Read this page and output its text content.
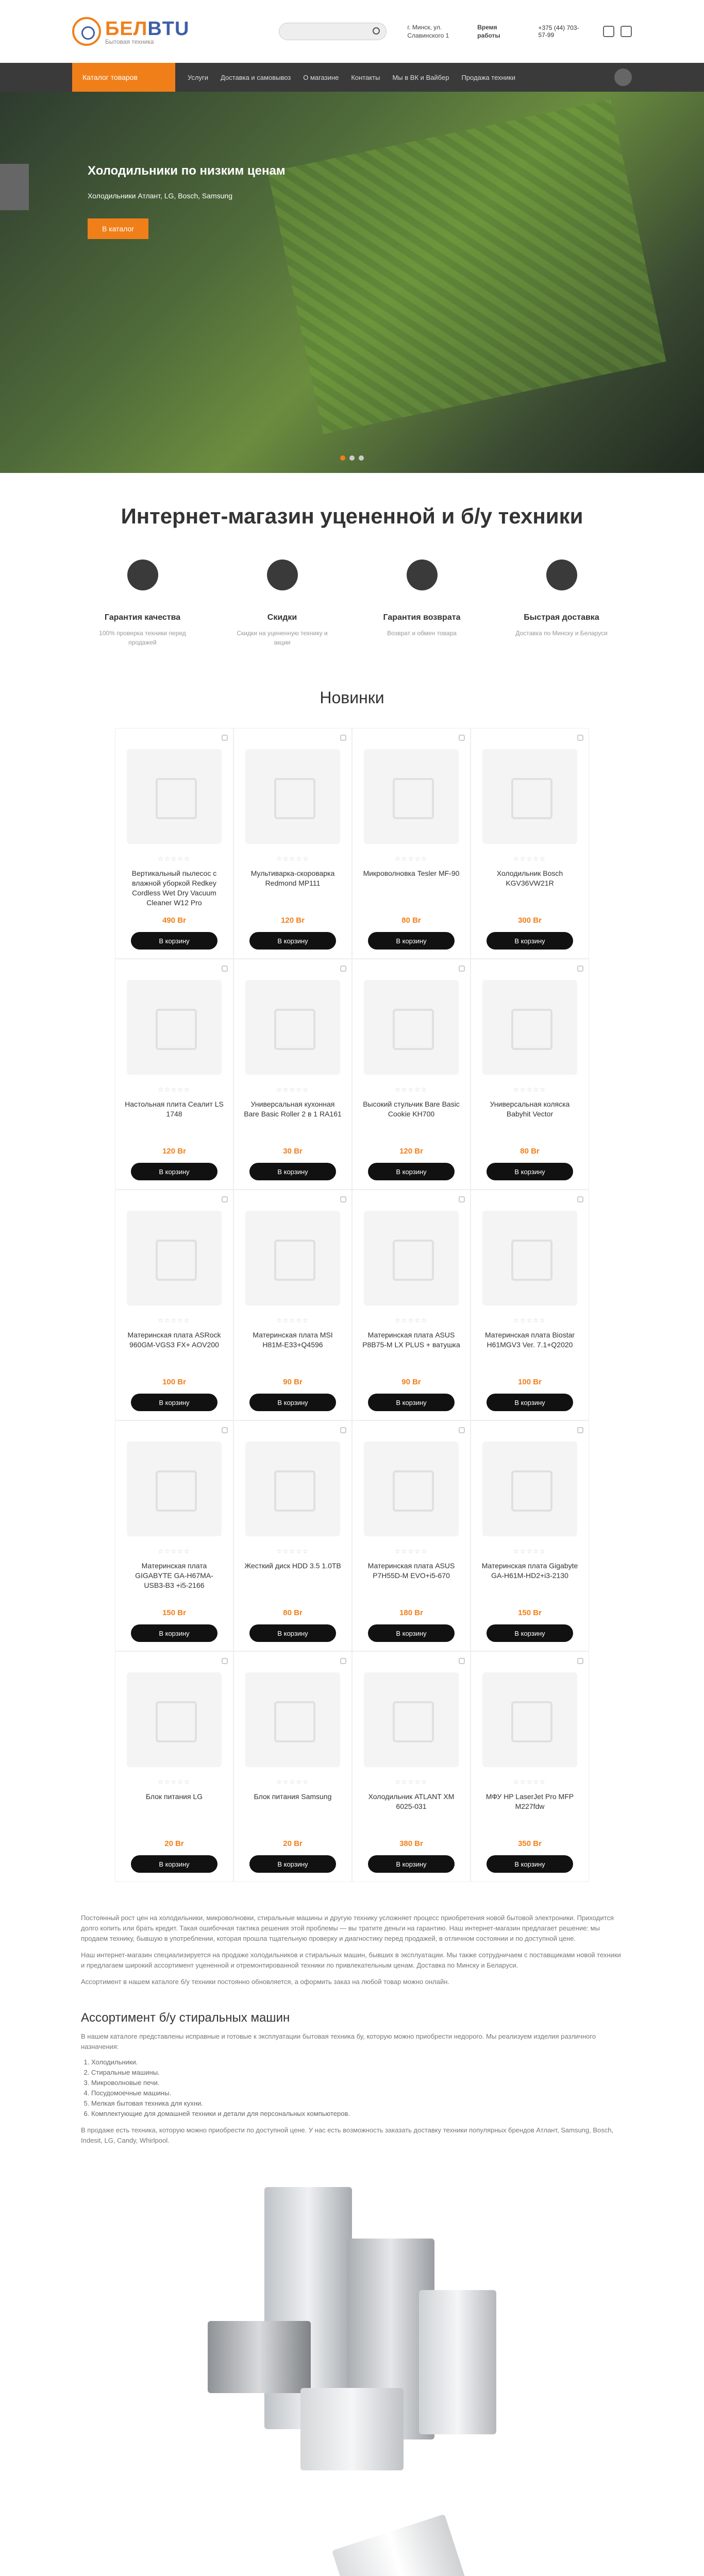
БЕЛBTU
Бытовая техника
г. Минск, ул. Славинского 1
Время работы
+375 (44) 703-57-99
Каталог товаров	Услуги Доставка и самовывоз О магазине Контакты Мы в ВК и Вайбер Продажа техники
Холодильники по низким ценам
Холодильники Атлант, LG, Bosch, Samsung
В каталог
Интернет-магазин уцененной и б/у техники
Гарантия качества
100% проверка техники перед продажей
Скидки
Скидки на уцененную технику и акции
Гарантия возврата
Возврат и обмен товара
Быстрая доставка
Доставка по Минску и Беларуси
Новинки
☆☆☆☆☆
Вертикальный пылесос с влажной уборкой Redkey Cordless Wet Dry Vacuum Cleaner W12 Pro
490 Br
В корзину
☆☆☆☆☆
Мультиварка-скороварка Redmond MP111
120 Br
В корзину
☆☆☆☆☆
Микроволновка Tesler MF-90
80 Br
В корзину
☆☆☆☆☆
Холодильник Bosch KGV36VW21R
300 Br
В корзину
☆☆☆☆☆
Настольная плита Сеалит LS 1748
120 Br
В корзину
☆☆☆☆☆
Универсальная кухонная Bare Basic Roller 2 в 1 RA161
30 Br
В корзину
☆☆☆☆☆
Высокий стульчик Bare Basic Cookie KH700
120 Br
В корзину
☆☆☆☆☆
Универсальная коляска Babyhit Vector
80 Br
В корзину
☆☆☆☆☆
Материнская плата ASRock 960GM-VGS3 FX+ AOV200
100 Br
В корзину
☆☆☆☆☆
Материнская плата MSI H81M-E33+Q4596
90 Br
В корзину
☆☆☆☆☆
Материнская плата ASUS P8B75-M LX PLUS + ватушка
90 Br
В корзину
☆☆☆☆☆
Материнская плата Biostar H61MGV3 Ver. 7.1+Q2020
100 Br
В корзину
☆☆☆☆☆
Материнская плата GIGABYTE GA-H67MA-USB3-B3 +i5-2166
150 Br
В корзину
☆☆☆☆☆
Жесткий диск HDD 3.5 1.0TB
80 Br
В корзину
☆☆☆☆☆
Материнская плата ASUS P7H55D-M EVO+i5-670
180 Br
В корзину
☆☆☆☆☆
Материнская плата Gigabyte GA-H61M-HD2+i3-2130
150 Br
В корзину
☆☆☆☆☆
Блок питания LG
20 Br
В корзину
☆☆☆☆☆
Блок питания Samsung
20 Br
В корзину
☆☆☆☆☆
Холодильник ATLANT XM 6025-031
380 Br
В корзину
☆☆☆☆☆
МФУ HP LaserJet Pro MFP M227fdw
350 Br
В корзину

Постоянный рост цен на холодильники, микроволновки, стиральные машины и другую технику усложняет процесс приобретения новой бытовой электроники. Приходится долго копить или брать кредит. Такая ошибочная тактика решения этой проблемы — вы тратите деньги на гарантию. Наш интернет-магазин предлагает решение: мы продаем технику, бывшую в употреблении, которая прошла тщательную проверку и диагностику перед продажей, в отличном состоянии и по доступной цене.

Наш интернет-магазин специализируется на продаже холодильников и стиральных машин, бывших в эксплуатации. Мы также сотрудничаем с поставщиками новой техники и предлагаем широкий ассортимент уцененной и отремонтированной техники по привлекательным ценам. Доставка по Минску и Беларуси.

Ассортимент в нашем каталоге б/у техники постоянно обновляется, а оформить заказ на любой товар можно онлайн.

Ассортимент б/у стиральных машин

В нашем каталоге представлены исправные и готовые к эксплуатации бытовая техника бу, которую можно приобрести недорого. Мы реализуем изделия различного назначения:

1. Холодильники.
2. Стиральные машины.
3. Микроволновые печи.
4. Посудомоечные машины.
5. Мелкая бытовая техника для кухни.
6. Комплектующие для домашней техники и детали для персональных компьютеров.

В продаже есть техника, которую можно приобрести по доступной цене. У нас есть возможность заказать доставку техники популярных брендов Атлант, Samsung, Bosch, Indesit, LG, Candy, Whirlpool.
